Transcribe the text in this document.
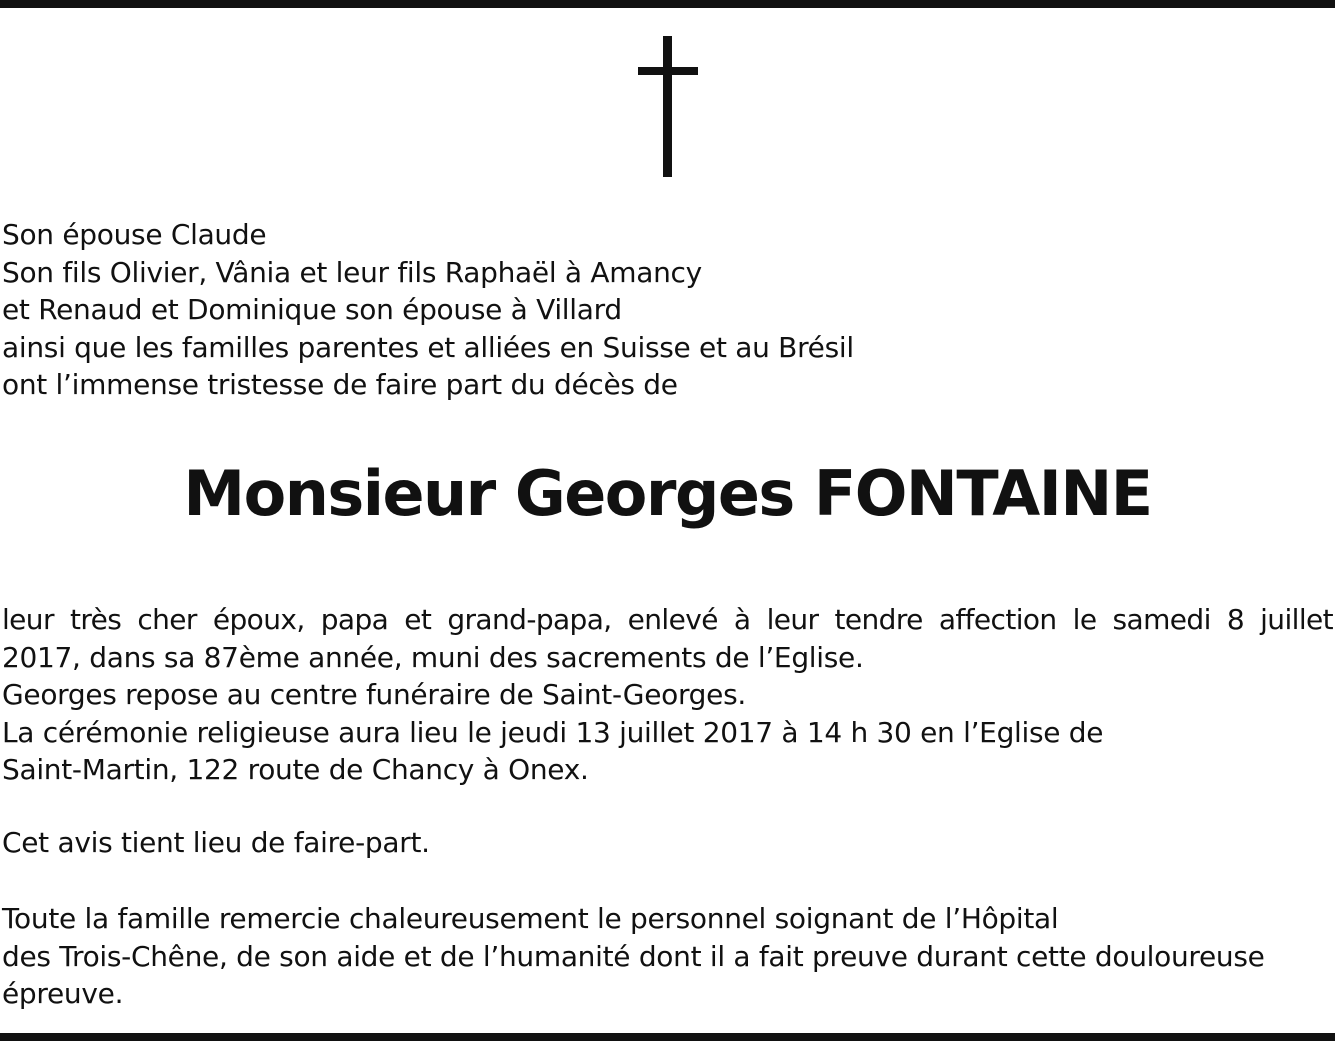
Son épouse Claude
Son fils Olivier, Vânia et leur fils Raphaël à Amancy
et Renaud et Dominique son épouse à Villard
ainsi que les familles parentes et alliées en Suisse et au Brésil
ont l’immense tristesse de faire part du décès de
Monsieur Georges FONTAINE
leur très cher époux, papa et grand-papa, enlevé à leur tendre affection le samedi 8 juillet
2017, dans sa 87ème année, muni des sacrements de l’Eglise.
Georges repose au centre funéraire de Saint-Georges.
La cérémonie religieuse aura lieu le jeudi 13 juillet 2017 à 14 h 30 en l’Eglise de
Saint-Martin, 122 route de Chancy à Onex.
Cet avis tient lieu de faire-part.
Toute la famille remercie chaleureusement le personnel soignant de l’Hôpital
des Trois-Chêne, de son aide et de l’humanité dont il a fait preuve durant cette douloureuse
épreuve.
